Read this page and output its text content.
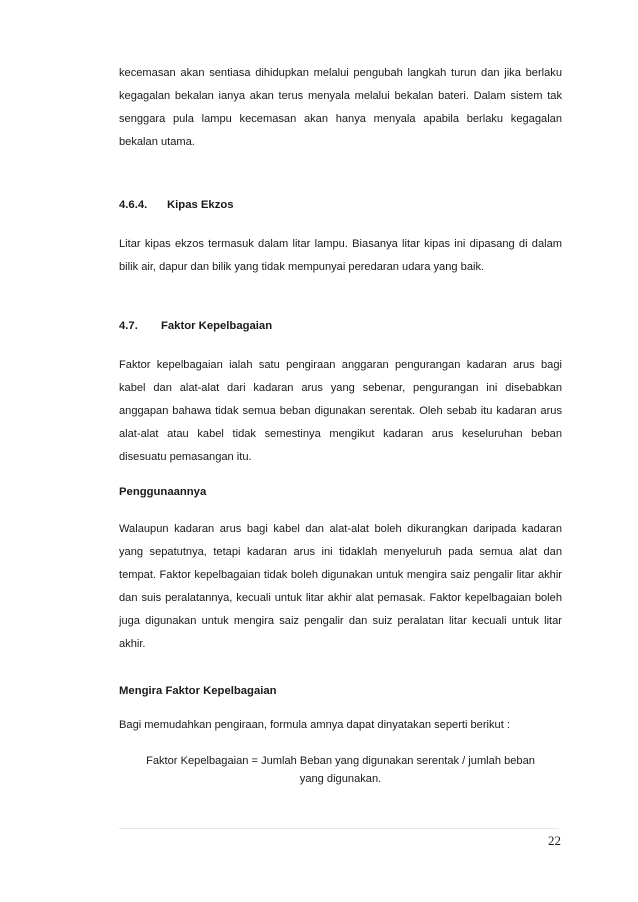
kecemasan akan sentiasa dihidupkan melalui pengubah langkah turun dan jika berlaku kegagalan bekalan ianya akan terus menyala melalui bekalan bateri. Dalam sistem tak senggara pula lampu kecemasan akan hanya menyala apabila berlaku kegagalan bekalan utama.

4.6.4. Kipas Ekzos

Litar kipas ekzos termasuk dalam litar lampu. Biasanya litar kipas ini dipasang di dalam bilik air, dapur dan bilik yang tidak mempunyai peredaran udara yang baik.

4.7. Faktor Kepelbagaian

Faktor kepelbagaian ialah satu pengiraan anggaran pengurangan kadaran arus bagi kabel dan alat-alat dari kadaran arus yang sebenar, pengurangan ini disebabkan anggapan bahawa tidak semua beban digunakan serentak. Oleh sebab itu kadaran arus alat-alat atau kabel tidak semestinya mengikut kadaran arus keseluruhan beban disesuatu pemasangan itu.

Penggunaannya

Walaupun kadaran arus bagi kabel dan alat-alat boleh dikurangkan daripada kadaran yang sepatutnya, tetapi kadaran arus ini tidaklah menyeluruh pada semua alat dan tempat. Faktor kepelbagaian tidak boleh digunakan untuk mengira saiz pengalir litar akhir dan suis peralatannya, kecuali untuk litar akhir alat pemasak. Faktor kepelbagaian boleh juga digunakan untuk mengira saiz pengalir dan suiz peralatan litar kecuali untuk litar akhir.

Mengira Faktor Kepelbagaian

Bagi memudahkan pengiraan, formula amnya dapat dinyatakan seperti berikut :

Faktor Kepelbagaian = Jumlah Beban yang digunakan serentak / jumlah beban
yang digunakan.
22
